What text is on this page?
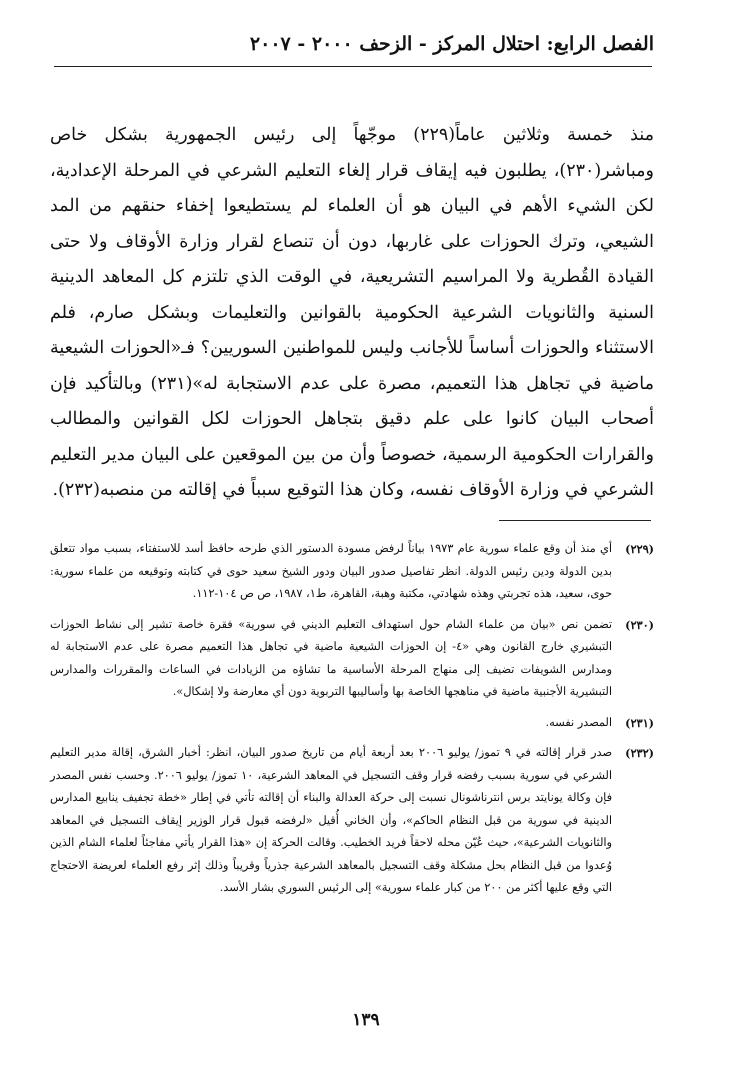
الفصل الرابع: احتلال المركز - الزحف ٢٠٠٠ - ٢٠٠٧

منذ خمسة وثلاثين عاماً(٢٢٩) موجّهاً إلى رئيس الجمهورية بشكل خاص ومباشر(٢٣٠)، يطلبون فيه إيقاف قرار إلغاء التعليم الشرعي في المرحلة الإعدادية، لكن الشيء الأهم في البيان هو أن العلماء لم يستطيعوا إخفاء حنقهم من المد الشيعي، وترك الحوزات على غاربها، دون أن تنصاع لقرار وزارة الأوقاف ولا حتى القيادة القُطرية ولا المراسيم التشريعية، في الوقت الذي تلتزم كل المعاهد الدينية السنية والثانويات الشرعية الحكومية بالقوانين والتعليمات وبشكل صارم، فلم الاستثناء والحوزات أساساً للأجانب وليس للمواطنين السوريين؟ فـ«الحوزات الشيعية ماضية في تجاهل هذا التعميم، مصرة على عدم الاستجابة له»(٢٣١) وبالتأكيد فإن أصحاب البيان كانوا على علم دقيق بتجاهل الحوزات لكل القوانين والمطالب والقرارات الحكومية الرسمية، خصوصاً وأن من بين الموقعين على البيان مدير التعليم الشرعي في وزارة الأوقاف نفسه، وكان هذا التوقيع سبباً في إقالته من منصبه(٢٣٢).

(٢٢٩)
أي منذ أن وقع علماء سورية عام ١٩٧٣ بياناً لرفض مسودة الدستور الذي طرحه حافظ أسد للاستفتاء، بسبب مواد تتعلق بدين الدولة ودين رئيس الدولة. انظر تفاصيل صدور البيان ودور الشيخ سعيد حوى في كتابته وتوقيعه من علماء سورية: حوى، سعيد، هذه تجربتي وهذه شهادتي، مكتبة وهبة، القاهرة، ط١، ١٩٨٧، ص ص ١٠٤-١١٢.
(٢٣٠)
تضمن نص «بيان من علماء الشام حول استهداف التعليم الديني في سورية» فقرة خاصة تشير إلى نشاط الحوزات التبشيري خارج القانون وهي «٤- إن الحوزات الشيعية ماضية في تجاهل هذا التعميم مصرة على عدم الاستجابة له ومدارس الشويفات تضيف إلى منهاج المرحلة الأساسية ما تشاؤه من الزيادات في الساعات والمقررات والمدارس التبشيرية الأجنبية ماضية في مناهجها الخاصة بها وأساليبها التربوية دون أي معارضة ولا إشكال».
(٢٣١)
المصدر نفسه.
(٢٣٢)
صدر قرار إقالته في ٩ تموز/ يوليو ٢٠٠٦ بعد أربعة أيام من تاريخ صدور البيان، انظر: أخبار الشرق، إقالة مدير التعليم الشرعي في سورية بسبب رفضه قرار وقف التسجيل في المعاهد الشرعية، ١٠ تموز/ يوليو ٢٠٠٦. وحسب نفس المصدر فإن وكالة يونايتد برس انترناشونال نسبت إلى حركة العدالة والبناء أن إقالته تأتي في إطار «خطة تجفيف ينابيع المدارس الدينية في سورية من قبل النظام الحاكم»، وأن الخاني أُقيل «لرفضه قبول قرار الوزير إيقاف التسجيل في المعاهد والثانويات الشرعية»، حيث عُيّن محله لاحقاً فريد الخطيب. وقالت الحركة إن «هذا القرار يأتي مفاجئاً لعلماء الشام الذين وُعدوا من قبل النظام بحل مشكلة وقف التسجيل بالمعاهد الشرعية جذرياً وقريباً وذلك إثر رفع العلماء لعريضة الاحتجاج التي وقع عليها أكثر من ٢٠٠ من كبار علماء سورية» إلى الرئيس السوري بشار الأسد.
١٣٩
